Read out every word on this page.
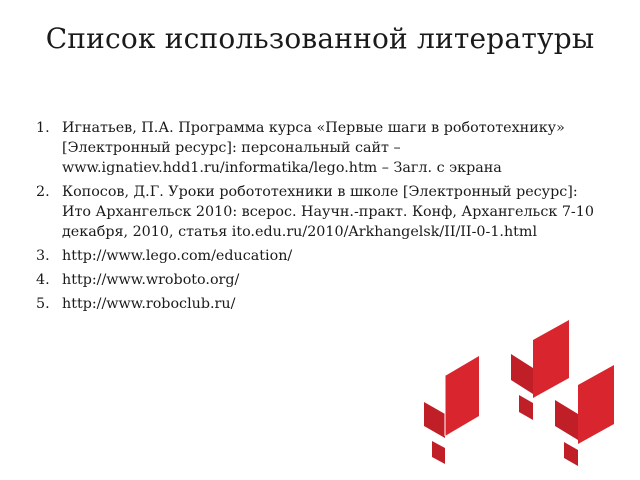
Список использованной литературы
1. Игнатьев, П.А. Программа курса «Первые шаги в робототехнику» [Электронный ресурс]: персональный сайт – www.ignatiev.hdd1.ru/informatika/lego.htm – Загл. с экрана
2. Копосов, Д.Г. Уроки робототехники в школе [Электронный ресурс]: Ито Архангельск 2010: всерос. Научн.-практ. Конф, Архангельск 7-10 декабря, 2010, статья ito.edu.ru/2010/Arkhangelsk/II/II-0-1.html
3. http://www.lego.com/education/
4. http://www.wroboto.org/
5. http://www.roboclub.ru/
